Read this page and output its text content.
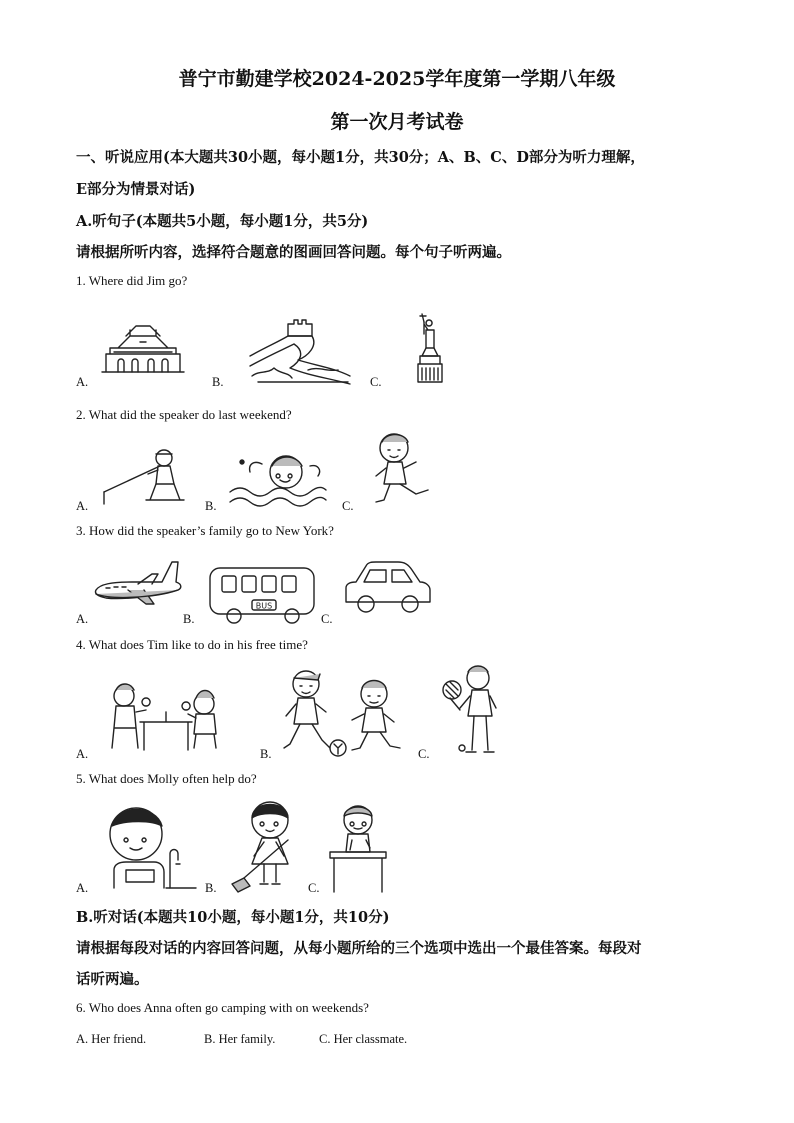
普宁市勤建学校2024-2025学年度第一学期八年级
第一次月考试卷
一、听说应用(本大题共30小题，每小题1分，共30分；A、B、C、D部分为听力理解，
E部分为情景对话)
A.听句子(本题共5小题，每小题1分，共5分)
请根据所听内容，选择符合题意的图画回答问题。每个句子听两遍。
1. Where did Jim go?
A.	B.	C.
2. What did the speaker do last weekend?
A.	B.	C.
3. How did the speaker’s family go to New York?
A.	B.	C.
BUS
4. What does Tim like to do in his free time?
A.	B.	C.
5. What does Molly often help do?
A.	B.	C.
B.听对话(本题共10小题，每小题1分，共10分)
请根据每段对话的内容回答问题，从每小题所给的三个选项中选出一个最佳答案。每段对
话听两遍。
6. Who does Anna often go camping with on weekends?
A. Her friend.	B. Her family.	C. Her classmate.
